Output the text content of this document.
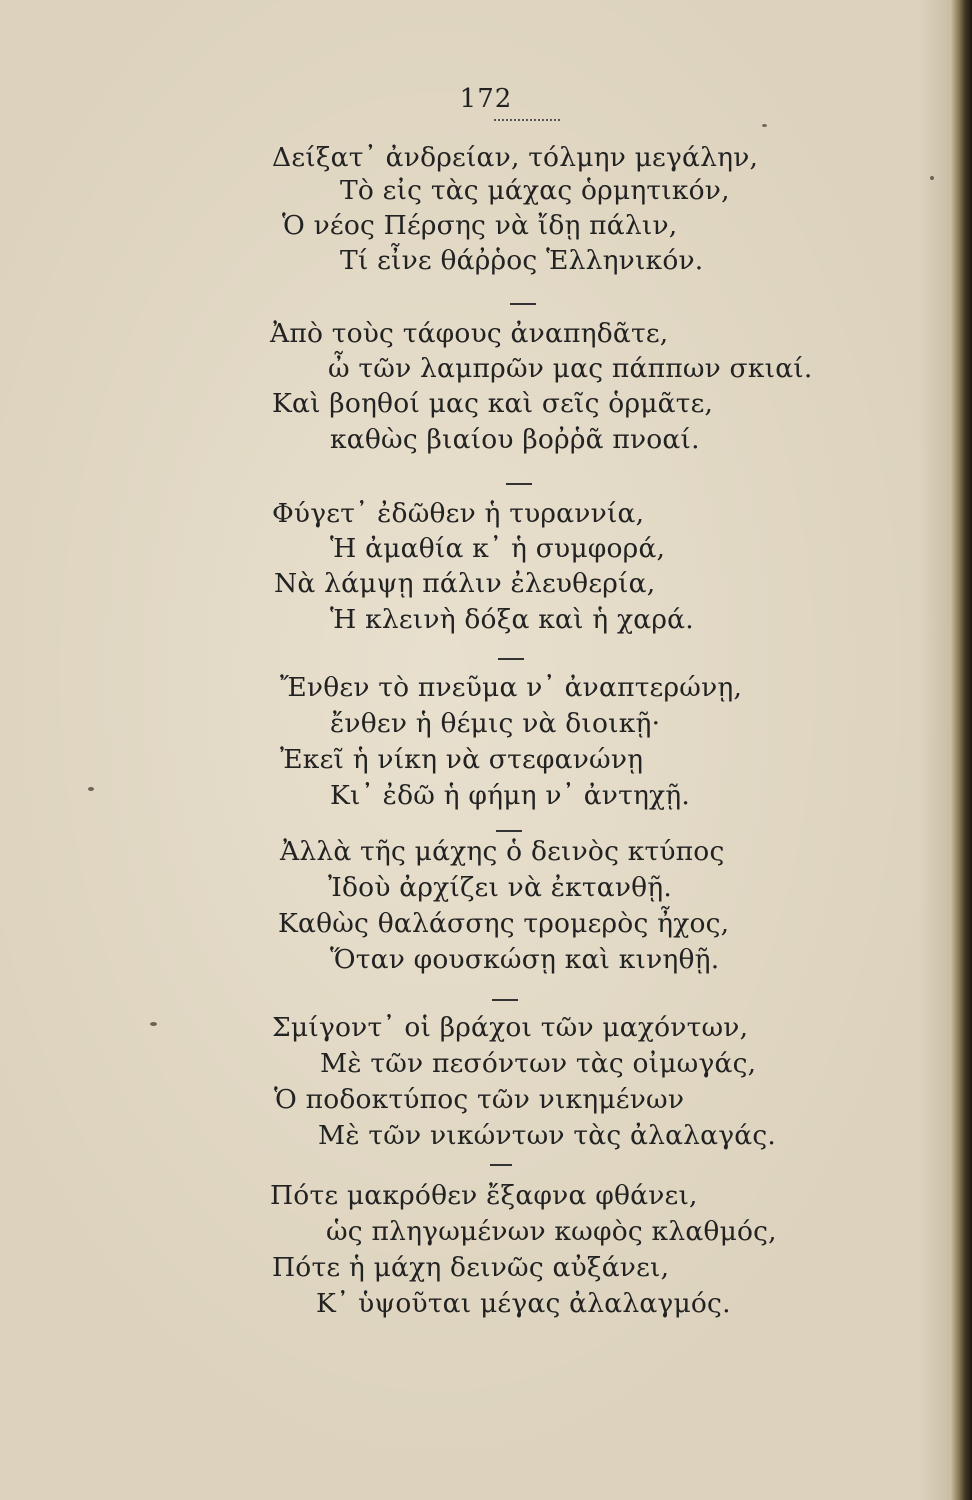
172
Δείξατ᾽ ἀνδρείαν, τόλμην μεγάλην,
Τὸ εἰς τὰς μάχας ὁρμητικόν,
Ὁ νέος Πέρσης νὰ ἴδῃ πάλιν,
Τί εἶνε θάῤῥος Ἑλληνικόν.
Ἀπὸ τοὺς τάφους ἀναπηδᾶτε,
ὦ τῶν λαμπρῶν μας πάππων σκιαί.
Καὶ βοηθοί μας καὶ σεῖς ὁρμᾶτε,
καθὼς βιαίου βοῤῥᾶ πνοαί.
Φύγετ᾽ ἐδῶθεν ἡ τυραννία,
Ἡ ἀμαθία κ᾽ ἡ συμφορά,
Νὰ λάμψῃ πάλιν ἐλευθερία,
Ἡ κλεινὴ δόξα καὶ ἡ χαρά.
Ἔνθεν τὸ πνεῦμα ν᾽ ἀναπτερώνῃ,
ἔνθεν ἡ θέμις νὰ διοικῇ·
Ἐκεῖ ἡ νίκη νὰ στεφανώνῃ
Κι᾽ ἐδῶ ἡ φήμη ν᾽ ἀντηχῇ.
Ἀλλὰ τῆς μάχης ὁ δεινὸς κτύπος
Ἰδοὺ ἀρχίζει νὰ ἐκτανθῇ.
Καθὼς θαλάσσης τρομερὸς ἦχος,
Ὅταν φουσκώσῃ καὶ κινηθῇ.
Σμίγοντ᾽ οἱ βράχοι τῶν μαχόντων,
Μὲ τῶν πεσόντων τὰς οἰμωγάς,
Ὁ ποδοκτύπος τῶν νικημένων
Μὲ τῶν νικώντων τὰς ἀλαλαγάς.
Πότε μακρόθεν ἔξαφνα φθάνει,
ὡς πληγωμένων κωφὸς κλαθμός,
Πότε ἡ μάχη δεινῶς αὐξάνει,
Κ᾽ ὑψοῦται μέγας ἀλαλαγμός.
